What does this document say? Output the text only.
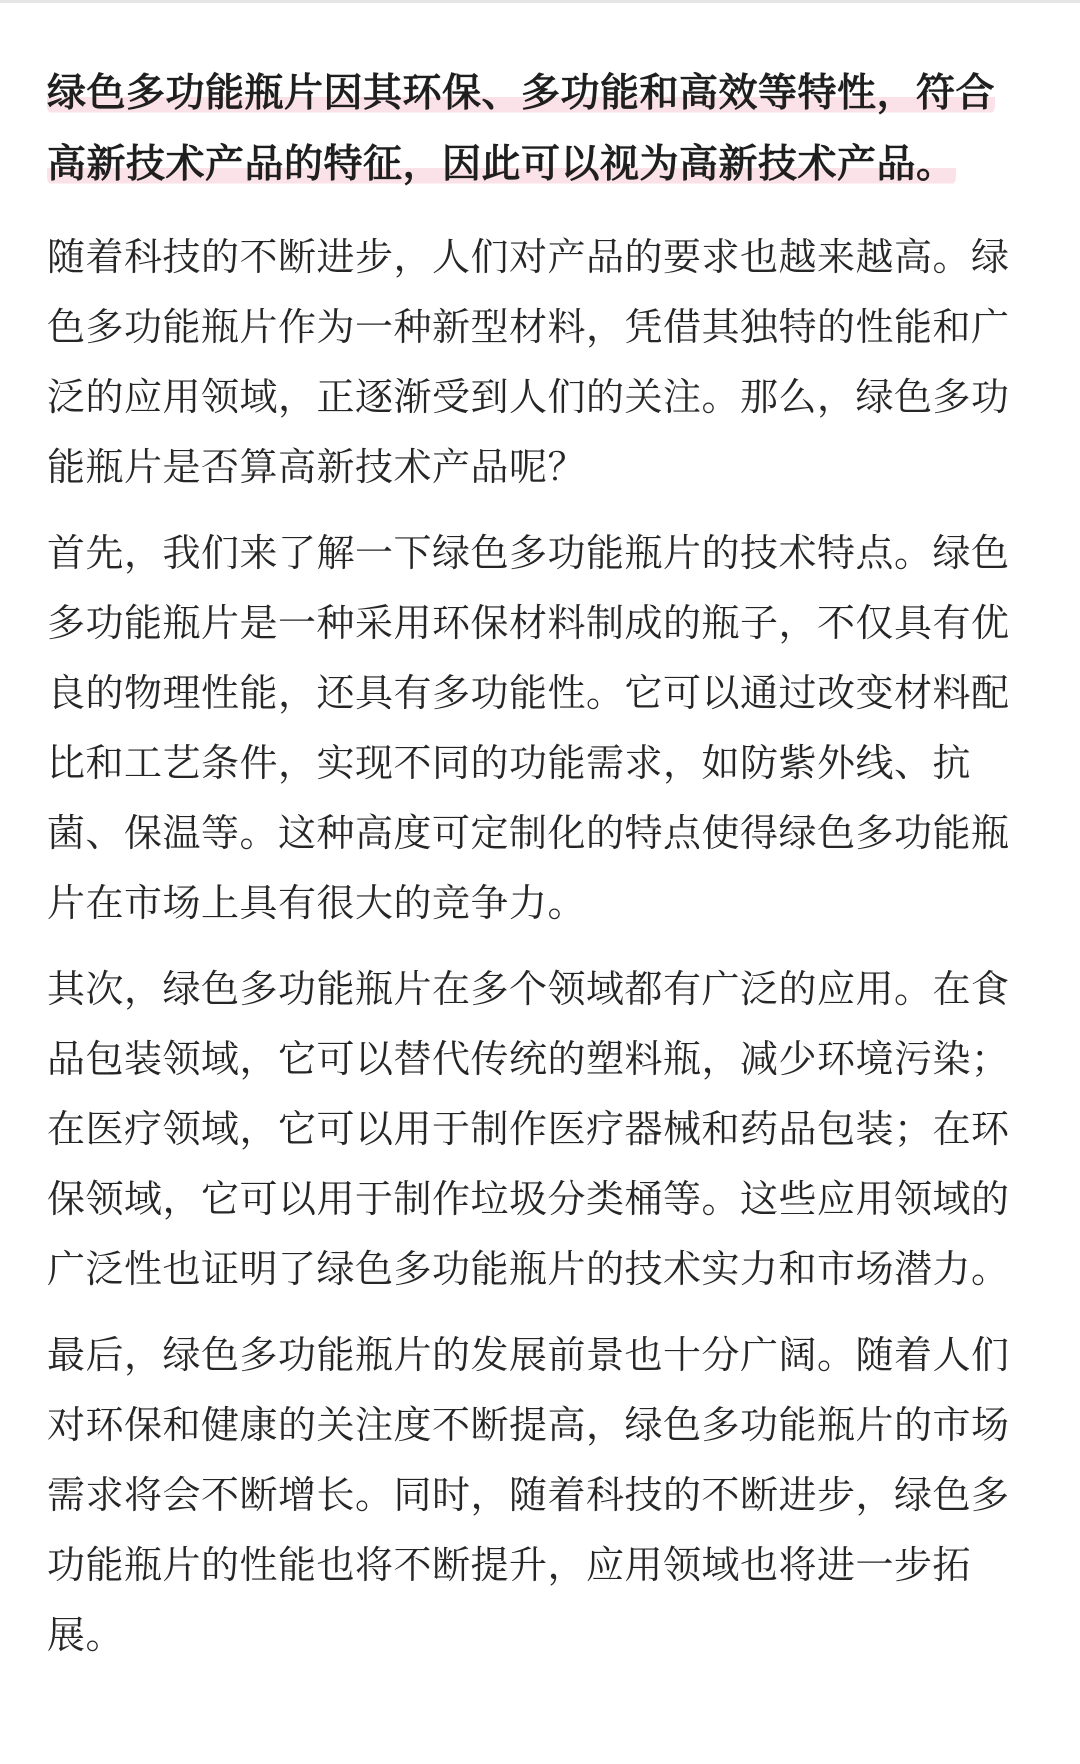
绿色多功能瓶片因其环保、多功能和高效等特性，符合高新技术产品的特征，因此可以视为高新技术产品。

随着科技的不断进步，人们对产品的要求也越来越高。绿色多功能瓶片作为一种新型材料，凭借其独特的性能和广泛的应用领域，正逐渐受到人们的关注。那么，绿色多功能瓶片是否算高新技术产品呢？

首先，我们来了解一下绿色多功能瓶片的技术特点。绿色多功能瓶片是一种采用环保材料制成的瓶子，不仅具有优良的物理性能，还具有多功能性。它可以通过改变材料配比和工艺条件，实现不同的功能需求，如防紫外线、抗菌、保温等。这种高度可定制化的特点使得绿色多功能瓶片在市场上具有很大的竞争力。

其次，绿色多功能瓶片在多个领域都有广泛的应用。在食品包装领域，它可以替代传统的塑料瓶，减少环境污染；在医疗领域，它可以用于制作医疗器械和药品包装；在环保领域，它可以用于制作垃圾分类桶等。这些应用领域的广泛性也证明了绿色多功能瓶片的技术实力和市场潜力。

最后，绿色多功能瓶片的发展前景也十分广阔。随着人们对环保和健康的关注度不断提高，绿色多功能瓶片的市场需求将会不断增长。同时，随着科技的不断进步，绿色多功能瓶片的性能也将不断提升，应用领域也将进一步拓展。
